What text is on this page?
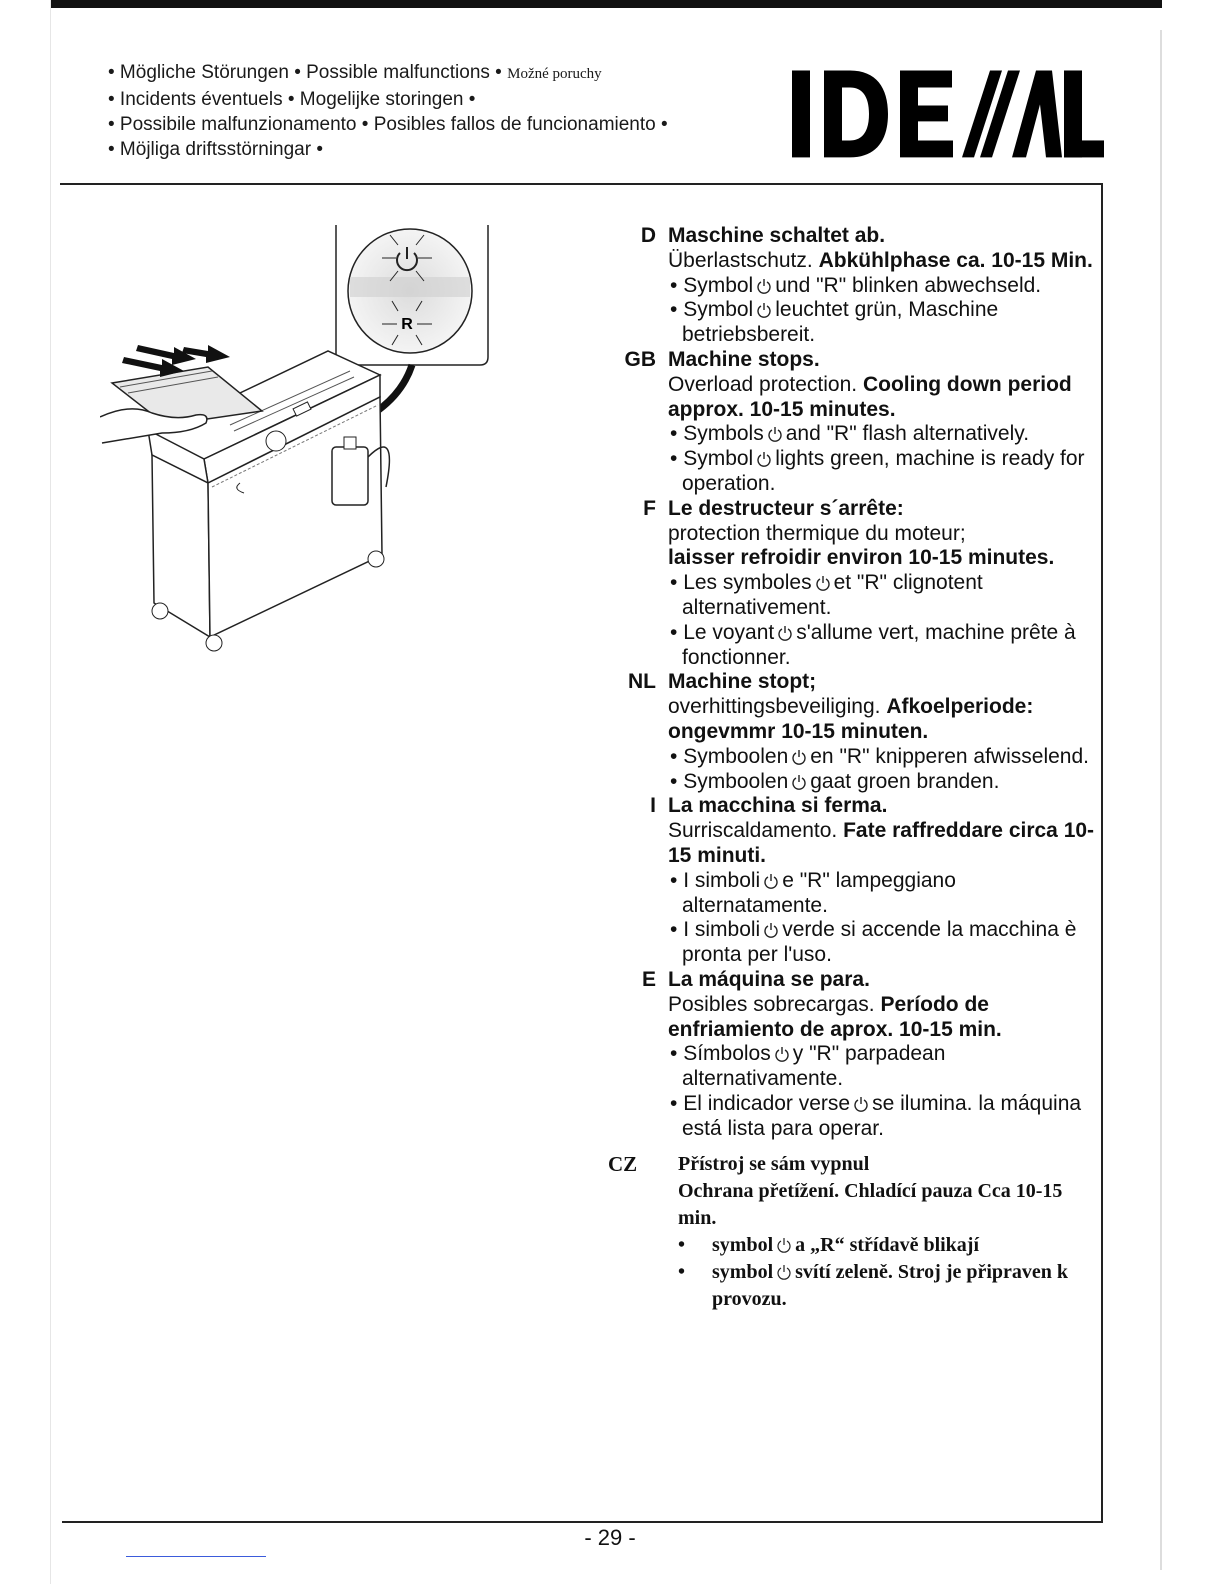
• Mögliche Störungen • Possible malfunctions • Možné poruchy
• Incidents éventuels • Mogelijke storingen •
• Possibile malfunzionamento • Posibles fallos de funcionamiento •
• Möjliga driftsstörningar •
R
D Maschine schaltet ab.
Überlastschutz. Abkühlphase ca. 10-15 Min.
• Symbol und "R" blinken abwechseld.
• Symbol leuchtet grün, Maschine betriebsbereit.
GB Machine stops.
Overload protection. Cooling down period approx. 10-15 minutes.
• Symbols and "R" flash alternatively.
• Symbol lights green, machine is ready for operation.
F Le destructeur s´arrête:
protection thermique du moteur;
laisser refroidir environ 10-15 minutes.
• Les symboles et "R" clignotent alternativement.
• Le voyant s'allume vert, machine prête à fonctionner.
NL Machine stopt;
overhittingsbeveiliging. Afkoelperiode: ongevmmr 10-15 minuten.
• Symboolen en "R" knipperen afwisselend.
• Symboolen gaat groen branden.
I La macchina si ferma.
Surriscaldamento. Fate raffreddare circa 10-15 minuti.
• I simboli e "R" lampeggiano alternatamente.
• I simboli verde si accende la macchina è pronta per l'uso.
E La máquina se para.
Posibles sobrecargas. Período de enfriamiento de aprox. 10-15 min.
• Símbolos y "R" parpadean alternativamente.
• El indicador verse se ilumina. la máquina está lista para operar.
CZ	Přístroj se sám vypnul
Ochrana přetížení. Chladící pauza Cca 10-15 min.
• symbol a „R“ střídavě blikají
• symbol svítí zeleně. Stroj je připraven k provozu.
- 29 -
